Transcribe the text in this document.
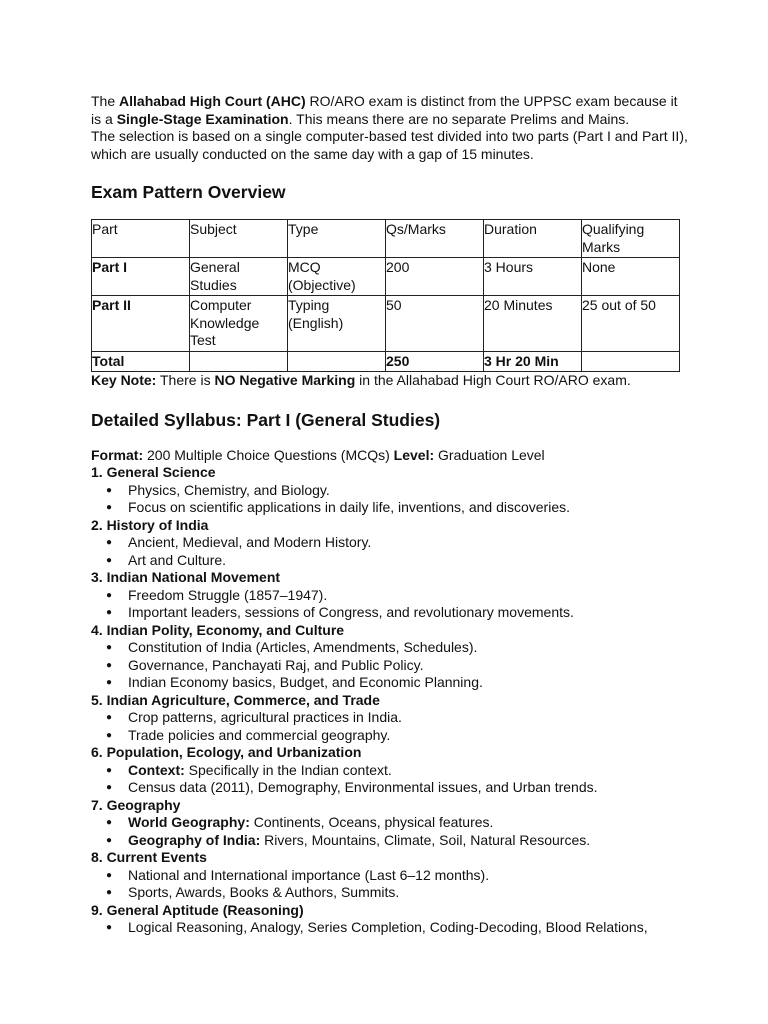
The Allahabad High Court (AHC) RO/ARO exam is distinct from the UPPSC exam because it is a Single-Stage Examination. This means there are no separate Prelims and Mains.

The selection is based on a single computer-based test divided into two parts (Part I and Part II), which are usually conducted on the same day with a gap of 15 minutes.

Exam Pattern Overview
Part	Subject	Type	Qs/Marks	Duration	Qualifying Marks
Part I	General Studies	MCQ (Objective)	200	3 Hours	None
Part II	Computer Knowledge Test	Typing (English)	50	20 Minutes	25 out of 50
Total			250	3 Hr 20 Min	

Key Note: There is NO Negative Marking in the Allahabad High Court RO/ARO exam.

Detailed Syllabus: Part I (General Studies)

Format: 200 Multiple Choice Questions (MCQs) Level: Graduation Level

1. General Science

● Physics, Chemistry, and Biology.
● Focus on scientific applications in daily life, inventions, and discoveries.

2. History of India

● Ancient, Medieval, and Modern History.
● Art and Culture.

3. Indian National Movement

● Freedom Struggle (1857–1947).
● Important leaders, sessions of Congress, and revolutionary movements.

4. Indian Polity, Economy, and Culture

● Constitution of India (Articles, Amendments, Schedules).
● Governance, Panchayati Raj, and Public Policy.
● Indian Economy basics, Budget, and Economic Planning.

5. Indian Agriculture, Commerce, and Trade

● Crop patterns, agricultural practices in India.
● Trade policies and commercial geography.

6. Population, Ecology, and Urbanization

● Context: Specifically in the Indian context.
● Census data (2011), Demography, Environmental issues, and Urban trends.

7. Geography

● World Geography: Continents, Oceans, physical features.
● Geography of India: Rivers, Mountains, Climate, Soil, Natural Resources.

8. Current Events

● National and International importance (Last 6–12 months).
● Sports, Awards, Books & Authors, Summits.

9. General Aptitude (Reasoning)

● Logical Reasoning, Analogy, Series Completion, Coding-Decoding, Blood Relations,
